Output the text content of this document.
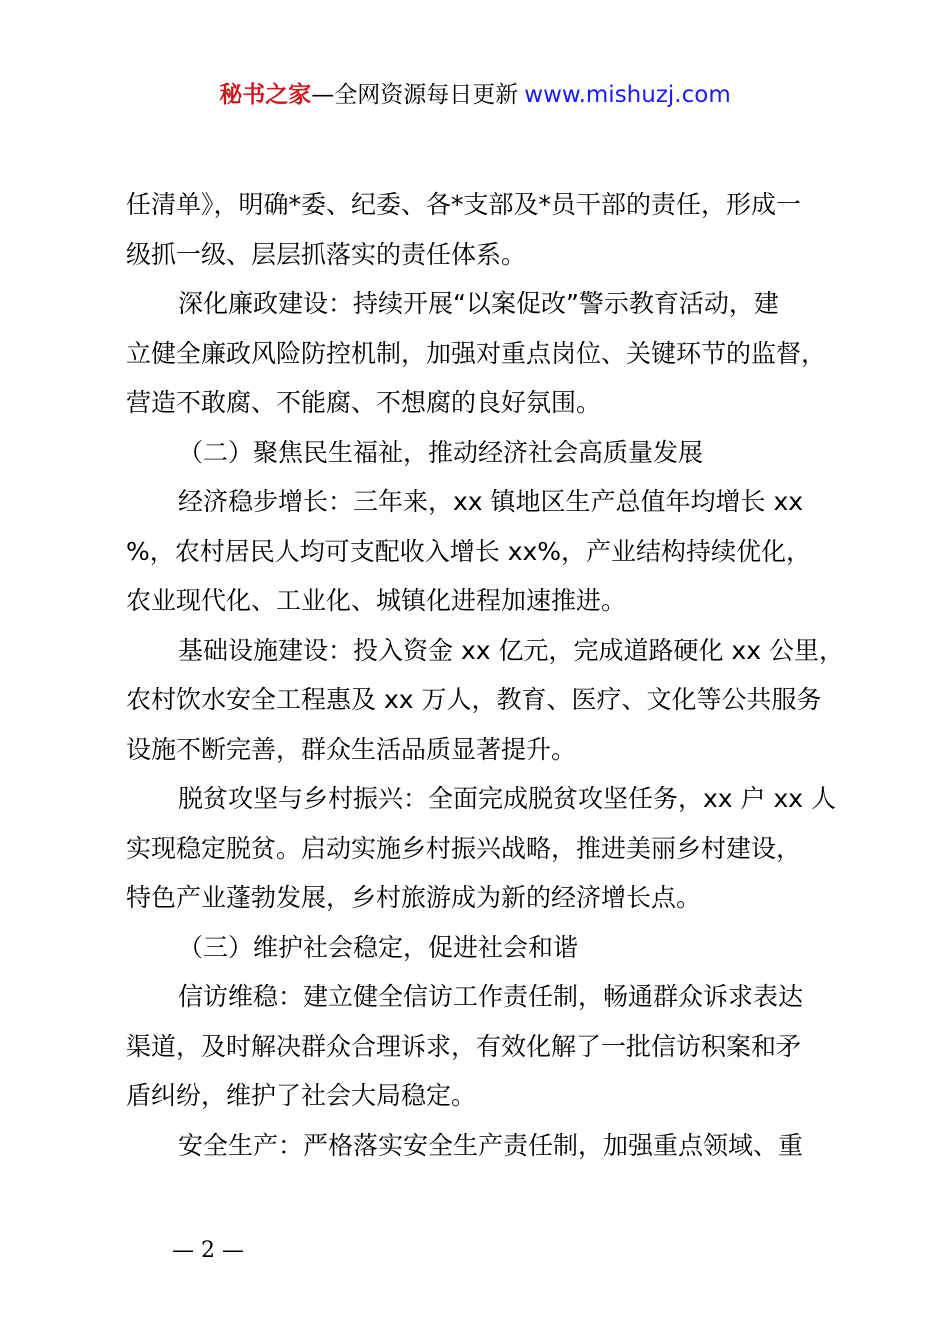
秘书之家—全网资源每日更新 www.mishuzj.com
任清单》，明确*委、纪委、各*支部及*员干部的责任，形成一
级抓一级、层层抓落实的责任体系。
深化廉政建设：持续开展“以案促改”警示教育活动，建
立健全廉政风险防控机制，加强对重点岗位、关键环节的监督，
营造不敢腐、不能腐、不想腐的良好氛围。
（二）聚焦民生福祉，推动经济社会高质量发展
经济稳步增长：三年来，xx 镇地区生产总值年均增长 xx
%，农村居民人均可支配收入增长 xx%，产业结构持续优化，
农业现代化、工业化、城镇化进程加速推进。
基础设施建设：投入资金 xx 亿元，完成道路硬化 xx 公里，
农村饮水安全工程惠及 xx 万人，教育、医疗、文化等公共服务
设施不断完善，群众生活品质显著提升。
脱贫攻坚与乡村振兴：全面完成脱贫攻坚任务，xx 户 xx 人
实现稳定脱贫。启动实施乡村振兴战略，推进美丽乡村建设，
特色产业蓬勃发展，乡村旅游成为新的经济增长点。
（三）维护社会稳定，促进社会和谐
信访维稳：建立健全信访工作责任制，畅通群众诉求表达
渠道，及时解决群众合理诉求，有效化解了一批信访积案和矛
盾纠纷，维护了社会大局稳定。
安全生产：严格落实安全生产责任制，加强重点领域、重
— 2 —
